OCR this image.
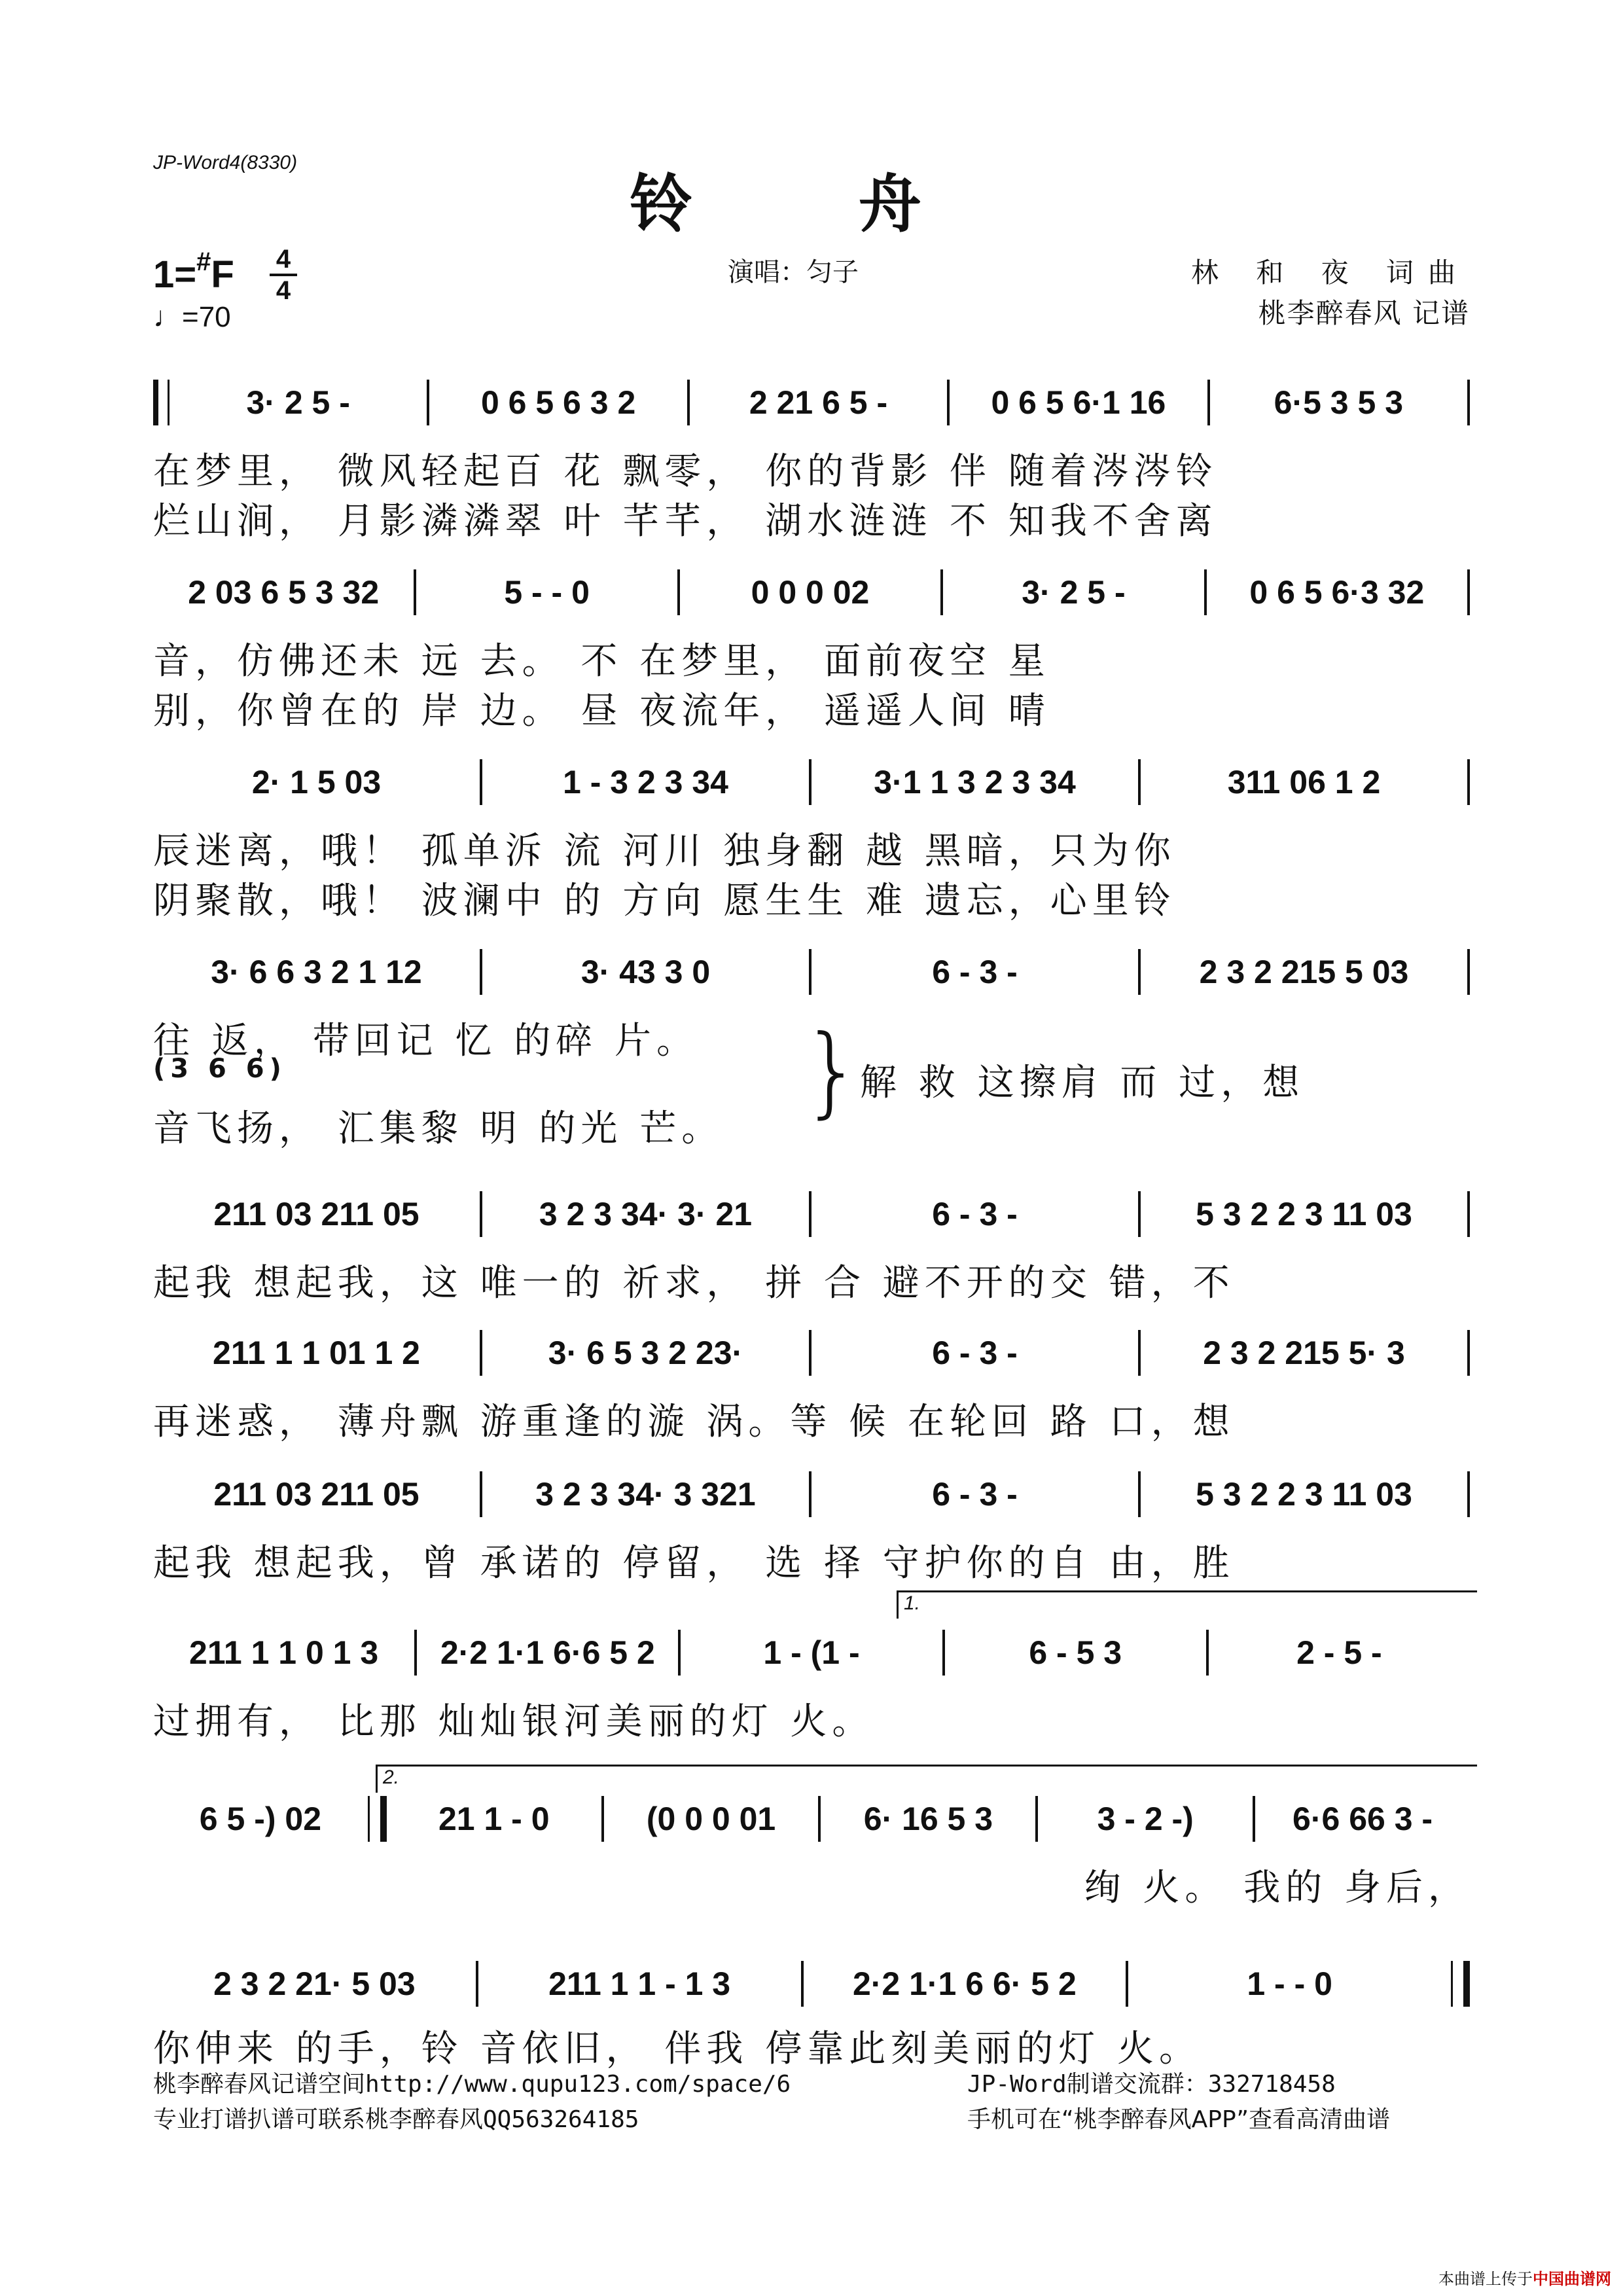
JP-Word4(8330)
铃 舟
1=#F 4
4
♩=70
演唱：匀子	林 和 夜 词曲
桃李醉春风 记谱
3· 2 5 -	0 6 5 6 3 2	2 21 6 5 -	0 6 5 6·1 16	6·5 3 5 3
在梦里， 微风轻起百 花 飘零， 你的背影 伴 随着涔涔铃
烂山涧， 月影潾潾翠 叶 芊芊， 湖水涟涟 不 知我不舍离
2 03 6 5 3 32	5 - - 0	0 0 0 02	3· 2 5 -	0 6 5 6·3 32
音，仿佛还未 远 去。 不 在梦里， 面前夜空 星
别，你曾在的 岸 边。 昼 夜流年， 遥遥人间 晴
2· 1 5 03	1 - 3 2 3 34	3·1 1 3 2 3 34	311 06 1 2
辰迷离，哦！ 孤单泝 流 河川 独身翻 越 黑暗，只为你
阴聚散，哦！ 波澜中 的 方向 愿生生 难 遗忘，心里铃
3· 6 6 3 2 1 12	3· 43 3 0	6 - 3 -	2 3 2 215 5 03
往 返， 带回记 忆 的碎 片。
(3 6 6)
音飞扬， 汇集黎 明 的光 芒。
}
解 救 这擦肩 而 过，想
211 03 211 05	3 2 3 34· 3· 21	6 - 3 -	5 3 2 2 3 11 03
起我 想起我，这 唯一的 祈求， 拼 合 避不开的交 错，不
211 1 1 01 1 2	3· 6 5 3 2 23·	6 - 3 -	2 3 2 215 5· 3
再迷惑， 薄舟飘 游重逢的漩 涡。等 候 在轮回 路 口，想
211 03 211 05	3 2 3 34· 3 321	6 - 3 -	5 3 2 2 3 11 03
起我 想起我，曾 承诺的 停留， 选 择 守护你的自 由，胜
1.
211 1 1 0 1 3	2·2 1·1 6·6 5 2	1 - (1 -	6 - 5 3	2 - 5 -
过拥有， 比那 灿灿银河美丽的灯 火。
2.
6 5 -) 02	21 1 - 0	(0 0 0 01	6· 16 5 3	3 - 2 -)	6·6 66 3 -
绚 火。 我的 身后，
2 3 2 21· 5 03	211 1 1 - 1 3	2·2 1·1 6 6· 5 2	1 - - 0
你伸来 的手，铃 音依旧， 伴我 停靠此刻美丽的灯 火。
桃李醉春风记谱空间http://www.qupu123.com/space/6
专业打谱扒谱可联系桃李醉春风QQ563264185
JP-Word制谱交流群：332718458
手机可在“桃李醉春风APP”查看高清曲谱
本曲谱上传于中国曲谱网
